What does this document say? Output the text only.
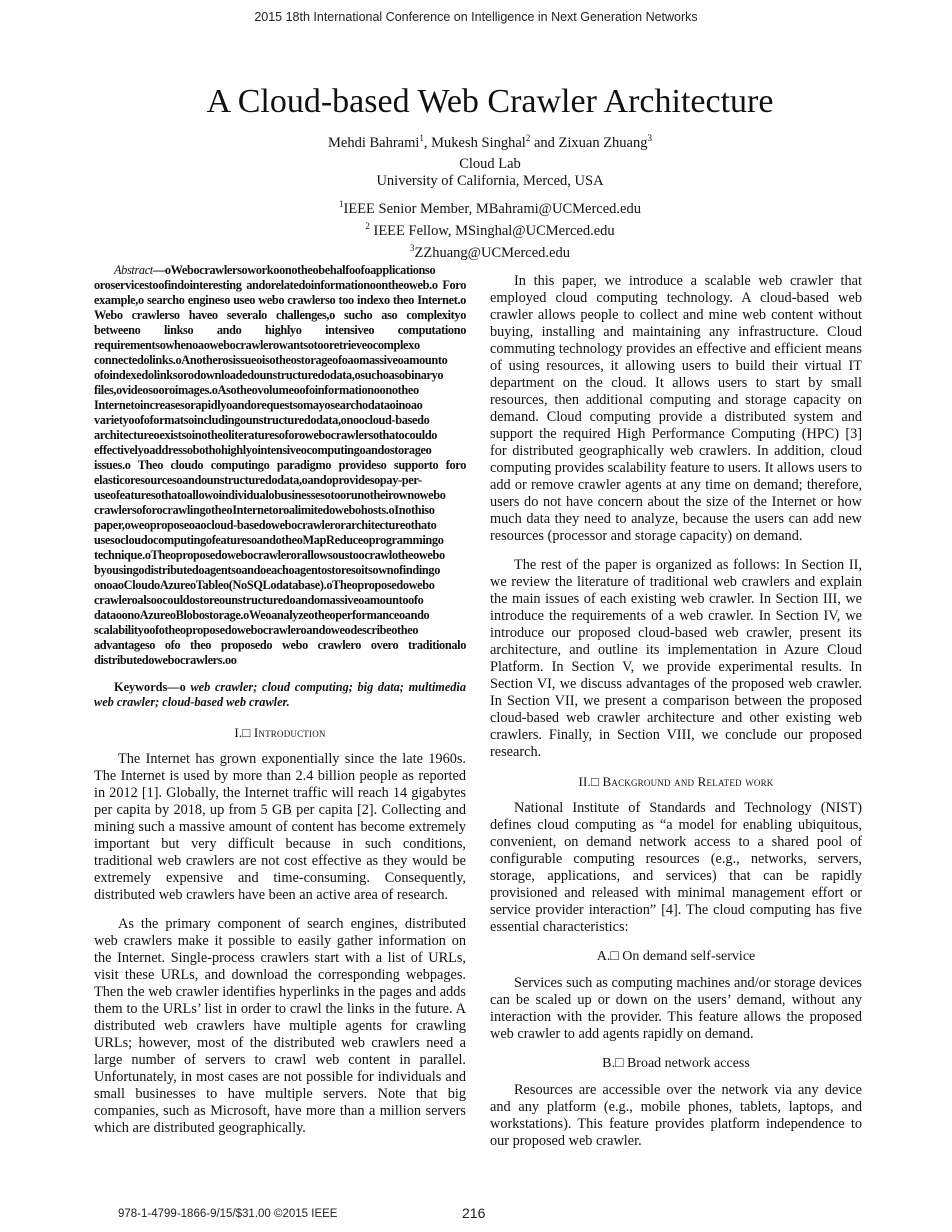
2015 18th International Conference on Intelligence in Next Generation Networks
A Cloud-based Web Crawler Architecture
Mehdi Bahrami$^1$, Mukesh Singhal$^2$ and Zixuan Zhuang$^3$
Cloud Lab
University of California, Merced, USA
$^1$IEEE Senior Member, MBahrami@UCMerced.edu
$^2$ IEEE Fellow, MSinghal@UCMerced.edu
$^3$ZZhuang@UCMerced.edu

Abstract—oWebocrawlersoworkoonotheobehalfoofoapplicationso oroservicestoofindointeresting andorelatedoinformationoontheoweb.o Foro example,o searcho engineso useo webo crawlerso too indexo theo Internet.o Webo crawlerso haveo severalo challenges,o sucho aso complexityo betweeno linkso ando highlyo intensiveo computationo requirementsowhenoaowebocrawlerowantsotooretrieveocomplexo connectedolinks.oAnotherosissueoisotheostorageofoaomassiveoamounto ofoindexedolinksorodownloadedounstructuredodata,osuchoasobinaryo files,ovideosooroimages.oAsotheovolumeoofoinformationoonotheo Internetoincreasesorapidlyoandorequestsomayosearchodataoinoao varietyoofoformatsoincludingounstructuredodata,onoocloud-basedo architectureoexistsoinotheoliteraturesoforowebocrawlersothatocouldo effectivelyoaddressobothohighlyointensiveocomputingoandostorageo issues.o Theo cloudo computingo paradigmo provideso supporto foro elasticoresourcesoandounstructuredodata,oandoprovidesopay-per- useofeaturesothatoallowoindividualobusinessesotoorunotheirownowebo crawlersoforocrawlingotheoInternetoroalimitedowebohosts.oInothiso paper,oweoproposeoaocloud-basedowebocrawlerorarchitectureothato usesocloudocomputingofeaturesoandotheoMapReduceoprogrammingo technique.oTheoproposedowebocrawlerorallowsoustoocrawlotheowebo byousingodistributedoagentsoandoeachoagentostoresoitsownofindingo onoaoCloudoAzureoTableo(NoSQLodatabase).oTheoproposedowebo crawleroalsoocouldostoreounstructuredoandomassiveoamountoofo dataoonoAzureoBlobostorage.oWeoanalyzeotheoperformanceoando scalabilityoofotheoproposedowebocrawleroandoweodescribeotheo advantageso ofo theo proposedo webo crawlero overo traditionalo distributedowebocrawlers.oo

Keywords—o web crawler; cloud computing; big data; multimedia web crawler; cloud-based web crawler.

I.□ Introduction

The Internet has grown exponentially since the late 1960s. The Internet is used by more than 2.4 billion people as reported in 2012 [1]. Globally, the Internet traffic will reach 14 gigabytes per capita by 2018, up from 5 GB per capita [2]. Collecting and mining such a massive amount of content has become extremely important but very difficult because in such conditions, traditional web crawlers are not cost effective as they would be extremely expensive and time-consuming. Consequently, distributed web crawlers have been an active area of research.

As the primary component of search engines, distributed web crawlers make it possible to easily gather information on the Internet. Single-process crawlers start with a list of URLs, visit these URLs, and download the corresponding webpages. Then the web crawler identifies hyperlinks in the pages and adds them to the URLs’ list in order to crawl the links in the future. A distributed web crawlers have multiple agents for crawling URLs; however, most of the distributed web crawlers need a large number of servers to crawl web content in parallel. Unfortunately, in most cases are not possible for individuals and small businesses to have multiple servers. Note that big companies, such as Microsoft, have more than a million servers which are distributed geographically.

In this paper, we introduce a scalable web crawler that employed cloud computing technology. A cloud-based web crawler allows people to collect and mine web content without buying, installing and maintaining any infrastructure. Cloud commuting technology provides an effective and efficient means of using resources, it allowing users to build their virtual IT department on the cloud. It allows users to start by small resources, then additional computing and storage capacity on demand. Cloud computing provide a distributed system and support the required High Performance Computing (HPC) [3] for distributed geographically web crawlers. In addition, cloud computing provides scalability feature to users. It allows users to add or remove crawler agents at any time on demand; therefore, users do not have concern about the size of the Internet or how much data they need to analyze, because the users can add new resources (processor and storage capacity) on demand.

The rest of the paper is organized as follows: In Section II, we review the literature of traditional web crawlers and explain the main issues of each existing web crawler. In Section III, we introduce the requirements of a web crawler. In Section IV, we introduce our proposed cloud-based web crawler, present its architecture, and outline its implementation in Azure Cloud Platform. In Section V, we provide experimental results. In Section VI, we discuss advantages of the proposed web crawler. In Section VII, we present a comparison between the proposed cloud-based web crawler architecture and other existing web crawlers. Finally, in Section VIII, we conclude our proposed research.

II.□ Background and Related work

National Institute of Standards and Technology (NIST) defines cloud computing as “a model for enabling ubiquitous, convenient, on demand network access to a shared pool of configurable computing resources (e.g., networks, servers, storage, applications, and services) that can be rapidly provisioned and released with minimal management effort or service provider interaction” [4]. The cloud computing has five essential characteristics:

A.□ On demand self-service

Services such as computing machines and/or storage devices can be scaled up or down on the users’ demand, without any interaction with the provider. This feature allows the proposed web crawler to add agents rapidly on demand.

B.□ Broad network access

Resources are accessible over the network via any device and any platform (e.g., mobile phones, tablets, laptops, and workstations). This feature provides platform independence to our proposed web crawler.

978-1-4799-1866-9/15/$31.00 ©2015 IEEE	216
